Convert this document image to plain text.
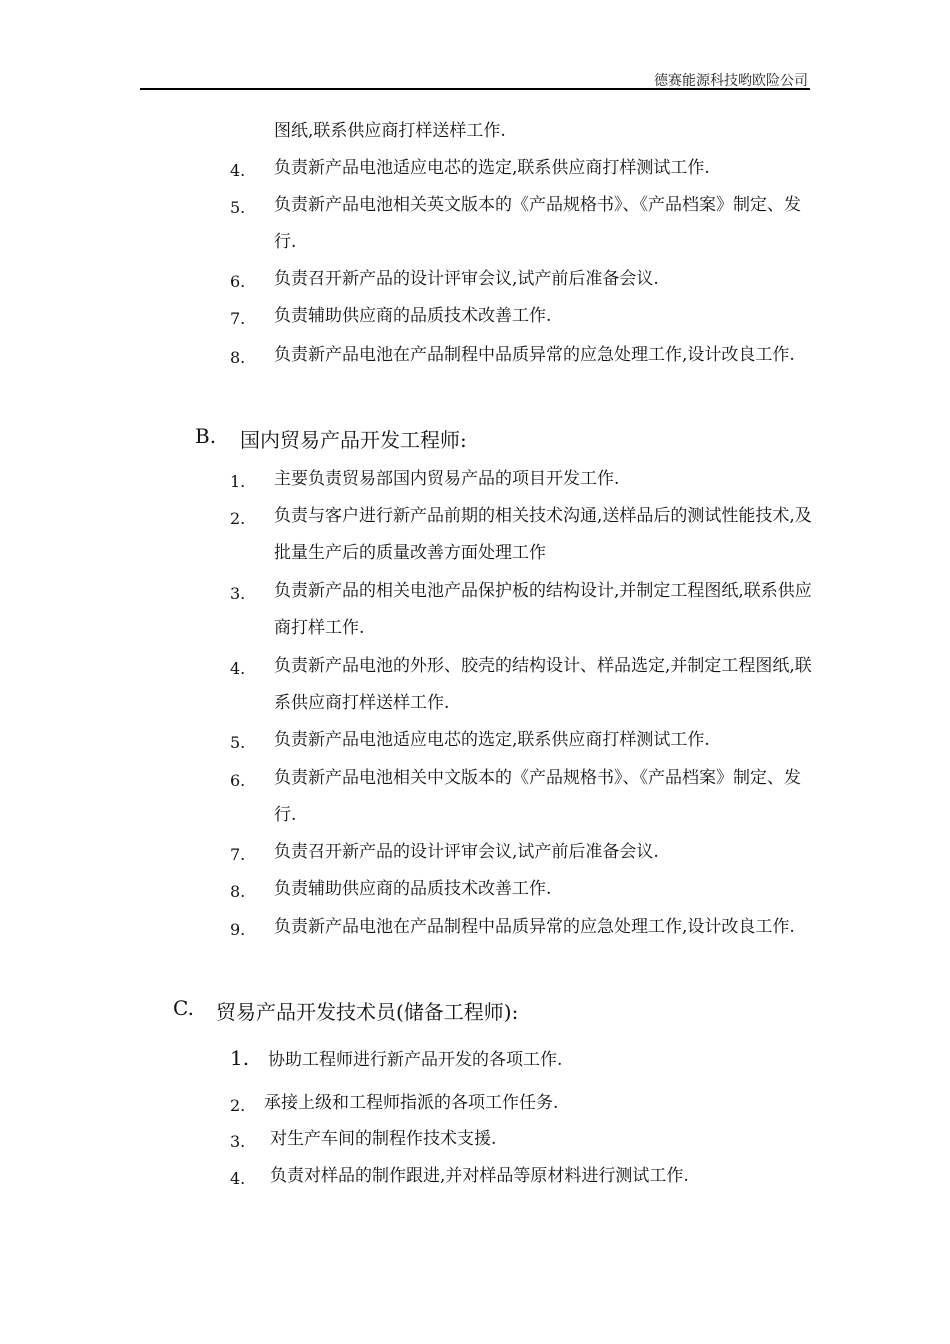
德赛能源科技哟欧险公司
图纸,联系供应商打样送样工作.
4. 负责新产品电池适应电芯的选定,联系供应商打样测试工作.
5. 负责新产品电池相关英文版本的《产品规格书》、《产品档案》制定、发行.
6. 负责召开新产品的设计评审会议,试产前后准备会议.
7. 负责辅助供应商的品质技术改善工作.
8. 负责新产品电池在产品制程中品质异常的应急处理工作,设计改良工作.
B. 国内贸易产品开发工程师:
1. 主要负责贸易部国内贸易产品的项目开发工作.
2. 负责与客户进行新产品前期的相关技术沟通,送样品后的测试性能技术,及批量生产后的质量改善方面处理工作
3. 负责新产品的相关电池产品保护板的结构设计,并制定工程图纸,联系供应商打样工作.
4. 负责新产品电池的外形、胶壳的结构设计、样品选定,并制定工程图纸,联系供应商打样送样工作.
5. 负责新产品电池适应电芯的选定,联系供应商打样测试工作.
6. 负责新产品电池相关中文版本的《产品规格书》、《产品档案》制定、发行.
7. 负责召开新产品的设计评审会议,试产前后准备会议.
8. 负责辅助供应商的品质技术改善工作.
9. 负责新产品电池在产品制程中品质异常的应急处理工作,设计改良工作.
C. 贸易产品开发技术员(储备工程师):
1. 协助工程师进行新产品开发的各项工作.
2. 承接上级和工程师指派的各项工作任务.
3. 对生产车间的制程作技术支援.
4. 负责对样品的制作跟进,并对样品等原材料进行测试工作.
